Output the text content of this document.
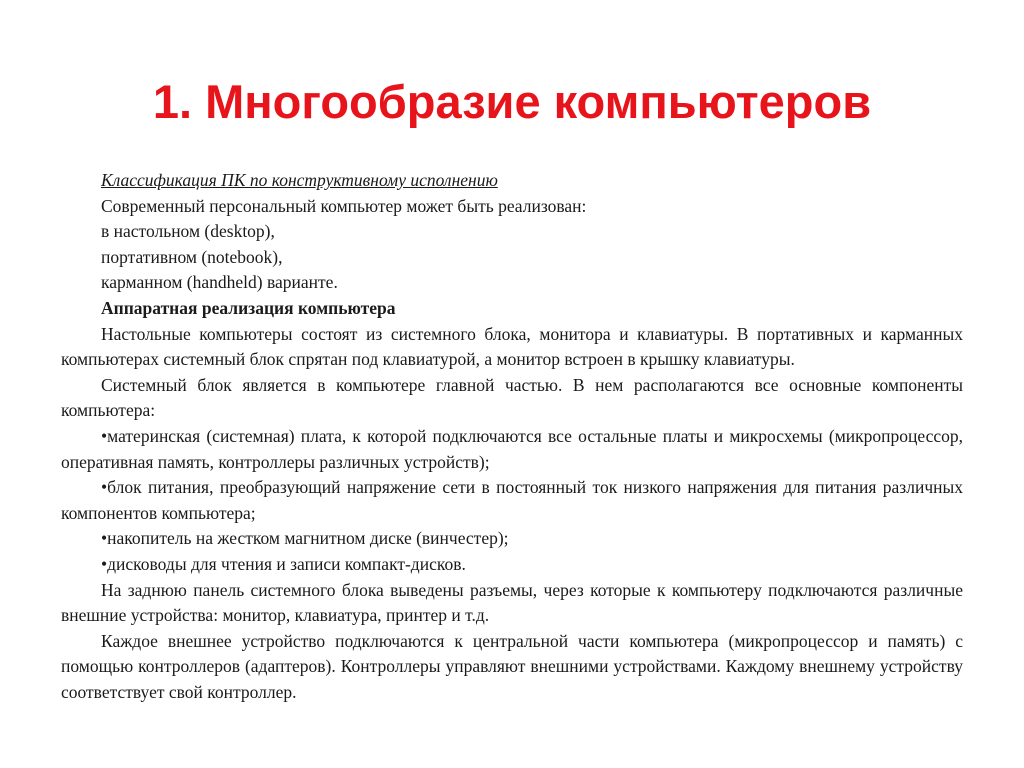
1. Многообразие компьютеров

Классификация ПК по конструктивному исполнению

Современный персональный компьютер может быть реализован:

в настольном (desktop),

портативном (notebook),

карманном (handheld) варианте.

Аппаратная реализация компьютера

Настольные компьютеры состоят из системного блока, монитора и клавиатуры. В портативных и карманных компьютерах системный блок спрятан под клавиатурой, а монитор встроен в крышку клавиатуры.

Системный блок является в компьютере главной частью. В нем располагаются все основные компоненты компьютера:

•материнская (системная) плата, к которой подключаются все остальные платы и микросхемы (микропроцессор, оперативная память, контроллеры различных устройств);

•блок питания, преобразующий напряжение сети в постоянный ток низкого напряжения для питания различных компонентов компьютера;

•накопитель на жестком магнитном диске (винчестер);

•дисководы для чтения и записи компакт-дисков.

На заднюю панель системного блока выведены разъемы, через которые к компьютеру подключаются различные внешние устройства: монитор, клавиатура, принтер и т.д.

Каждое внешнее устройство подключаются к центральной части компьютера (микропроцессор и память) с помощью контроллеров (адаптеров). Контроллеры управляют внешними устройствами. Каждому внешнему устройству соответствует свой контроллер.
